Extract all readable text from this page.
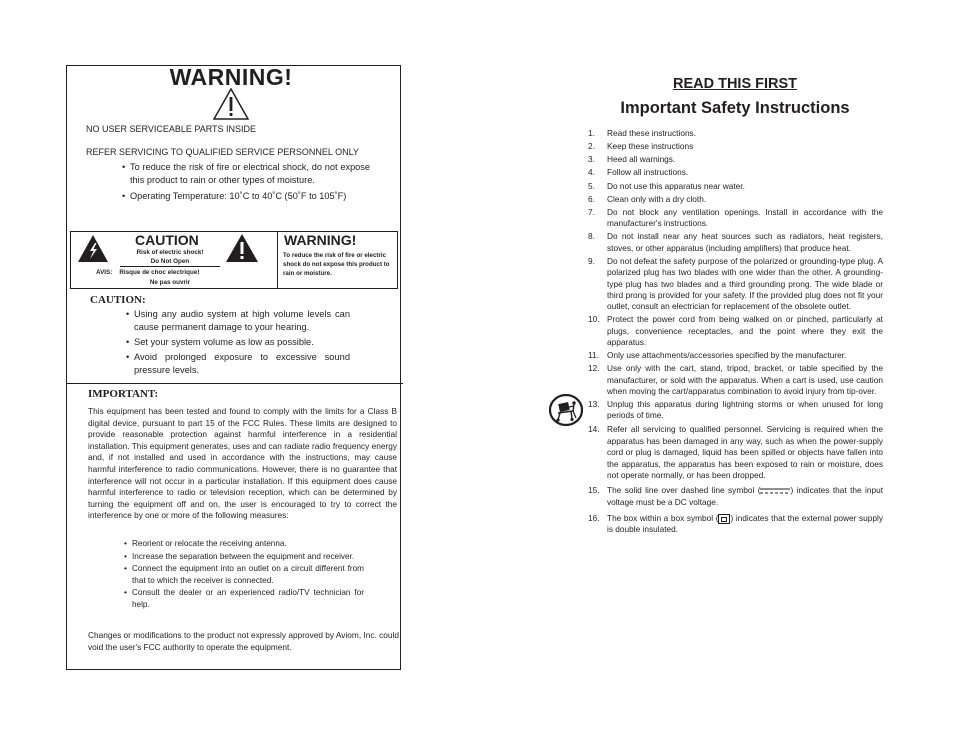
WARNING!
NO USER SERVICEABLE PARTS INSIDE
REFER SERVICING TO QUALIFIED SERVICE PERSONNEL ONLY
• To reduce the risk of fire or electrical shock, do not expose this product to rain or other types of moisture.
• Operating Temperature: 10˚C to 40˚C (50˚F to 105˚F)
CAUTION
Risk of electric shock!
Do Not Open
AVIS:    Risque de choc electrique!
Ne pas ouvrir
WARNING!
To reduce the risk of fire or electric shock do not expose this product to rain or moisture.
CAUTION:
• Using any audio system at high volume levels can cause permanent damage to your hearing.
• Set your system volume as low as possible.
• Avoid prolonged exposure to excessive sound pressure levels.
IMPORTANT:
This equipment has been tested and found to comply with the limits for a Class B digital device, pursuant to part 15 of the FCC Rules. These limits are designed to provide reasonable protection against harmful interference in a residential installation. This equipment generates, uses and can radiate radio frequency energy and, if not installed and used in accordance with the instructions, may cause harmful interference to radio communications. However, there is no guarantee that interference will not occur in a particular installation. If this equipment does cause harmful interference to radio or television reception, which can be determined by turning the equipment off and on, the user is encouraged to try to correct the interference by one or more of the following measures:
• Reorient or relocate the receiving antenna.
• Increase the separation between the equipment and receiver.
• Connect the equipment into an outlet on a circuit different from that to which the receiver is connected.
• Consult the dealer or an experienced radio/TV technician for help.
Changes or modifications to the product not expressly approved by Aviom, Inc. could void the user's FCC authority to operate the equipment.
READ THIS FIRST
Important Safety Instructions
1.	Read these instructions.
2.	Keep these instructions
3.	Heed all warnings.
4.	Follow all instructions.
5.	Do not use this apparatus near water.
6.	Clean only with a dry cloth.
7.	Do not block any ventilation openings. Install in accordance with the manufacturer's instructions.
8.	Do not install near any heat sources such as radiators, heat registers, stoves, or other apparatus (including amplifiers) that produce heat.
9.	Do not defeat the safety purpose of the polarized or grounding-type plug. A polarized plug has two blades with one wider than the other. A grounding-type plug has two blades and a third grounding prong. The wide blade or third prong is provided for your safety. If the provided plug does not fit your outlet, consult an electrician for replacement of the obsolete outlet.
10. Protect the power cord from being walked on or pinched, particularly at plugs, convenience receptacles, and the point where they exit the apparatus.
11. Only use attachments/accessories specified by the manufacturer.
12. Use only with the cart, stand, tripod, bracket, or table specified by the manufacturer, or sold with the apparatus. When a cart is used, use caution when moving the cart/apparatus combination to avoid injury from tip-over.
13. Unplug this apparatus during lightning storms or when unused for long periods of time.
14. Refer all servicing to qualified personnel. Servicing is required when the apparatus has been damaged in any way, such as when the power-supply cord or plug is damaged, liquid has been spilled or objects have fallen into the apparatus, the apparatus has been exposed to rain or moisture, does not operate normally, or has been dropped.
15. The solid line over dashed line symbol (	) indicates that the input voltage must be a DC voltage.
16. The box within a box symbol ( ) indicates that the external power supply is double insulated.
